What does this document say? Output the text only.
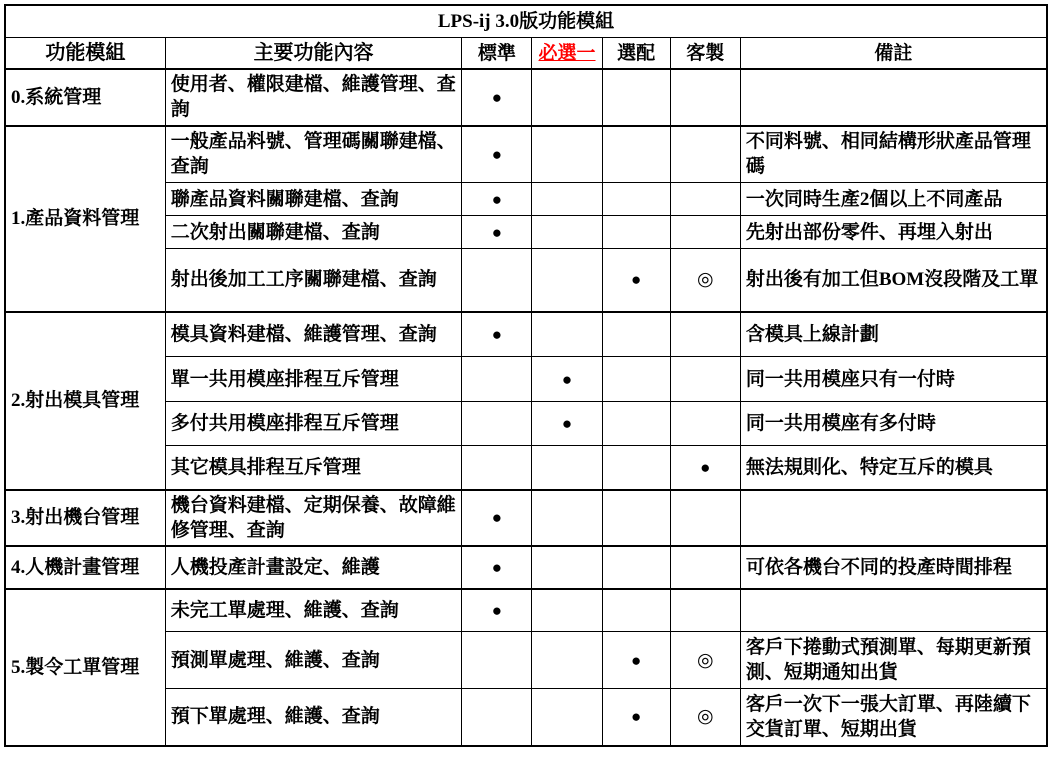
LPS-ij 3.0版功能模組						
功能模組	主要功能內容	標準	必選一	選配	客製	備註
0.系統管理	使用者、權限建檔、維護管理、查詢	●				
1.產品資料管理	一般產品料號、管理碼關聯建檔、查詢	●				不同料號、相同結構形狀產品管理碼
	聯產品資料關聯建檔、查詢	●				一次同時生產2個以上不同產品
	二次射出關聯建檔、查詢	●				先射出部份零件、再埋入射出
	射出後加工工序關聯建檔、查詢			●	◎	射出後有加工但BOM沒段階及工單
2.射出模具管理	模具資料建檔、維護管理、查詢	●				含模具上線計劃
	單一共用模座排程互斥管理		●			同一共用模座只有一付時
	多付共用模座排程互斥管理		●			同一共用模座有多付時
	其它模具排程互斥管理				●	無法規則化、特定互斥的模具
3.射出機台管理	機台資料建檔、定期保養、故障維修管理、查詢	●				
4.人機計畫管理	人機投產計畫設定、維護	●				可依各機台不同的投產時間排程
5.製令工單管理	未完工單處理、維護、查詢	●				
	預測單處理、維護、查詢			●	◎	客戶下捲動式預測單、每期更新預測、短期通知出貨
	預下單處理、維護、查詢			●	◎	客戶一次下一張大訂單、再陸續下交貨訂單、短期出貨
